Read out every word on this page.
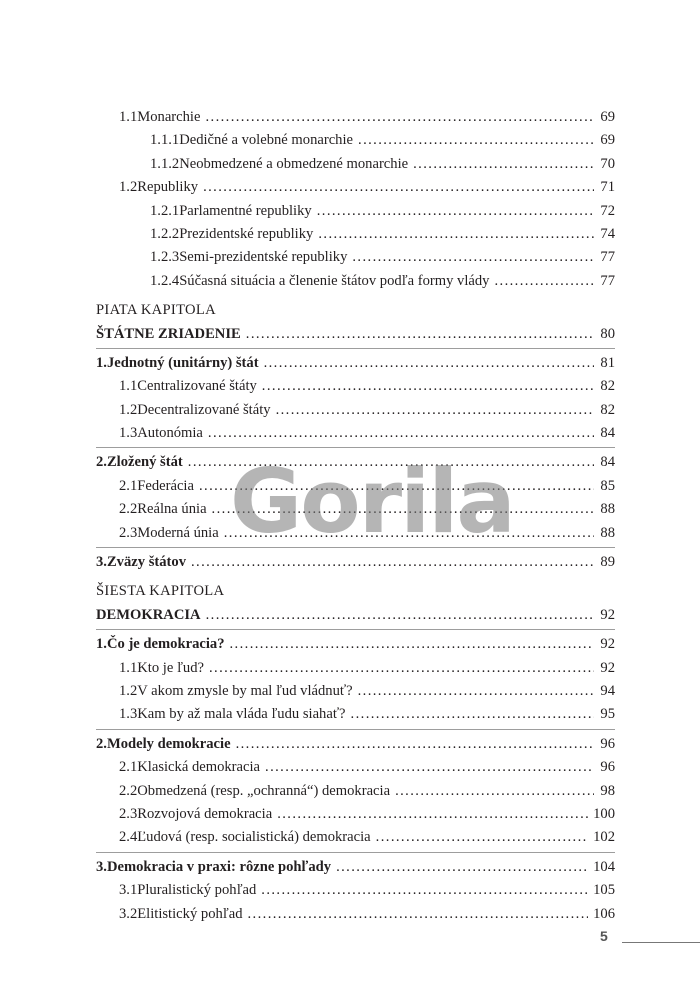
1.1 Monarchie .....	69
1.1.1 Dedičné a volebné monarchie .....	69
1.1.2 Neobmedzené a obmedzené monarchie .....	70
1.2 Republiky .....	71
1.2.1 Parlamentné republiky .....	72
1.2.2 Prezidentské republiky .....	74
1.2.3 Semi-prezidentské republiky .....	77
1.2.4 Súčasná situácia a členenie štátov podľa formy vlády .....	77
PIATA KAPITOLA
ŠTÁTNE ZRIADENIE .....	80
1. Jednotný (unitárny) štát .....	81
1.1 Centralizované štáty .....	82
1.2 Decentralizované štáty .....	82
1.3 Autonómia .....	84
2. Zložený štát .....	84
2.1 Federácia .....	85
2.2 Reálna únia .....	88
2.3 Moderná únia .....	88
3. Zväzy štátov .....	89
ŠIESTA KAPITOLA
DEMOKRACIA .....	92
1. Čo je demokracia? .....	92
1.1 Kto je ľud? .....	92
1.2 V akom zmysle by mal ľud vládnuť? .....	94
1.3 Kam by až mala vláda ľudu siahať? .....	95
2. Modely demokracie .....	96
2.1 Klasická demokracia .....	96
2.2 Obmedzená (resp. „ochranná“) demokracia .....	98
2.3 Rozvojová demokracia .....	100
2.4 Ľudová (resp. socialistická) demokracia .....	102
3. Demokracia v praxi: rôzne pohľady .....	104
3.1 Pluralistický pohľad .....	105
3.2 Elitistický pohľad .....	106
Gorila
5
